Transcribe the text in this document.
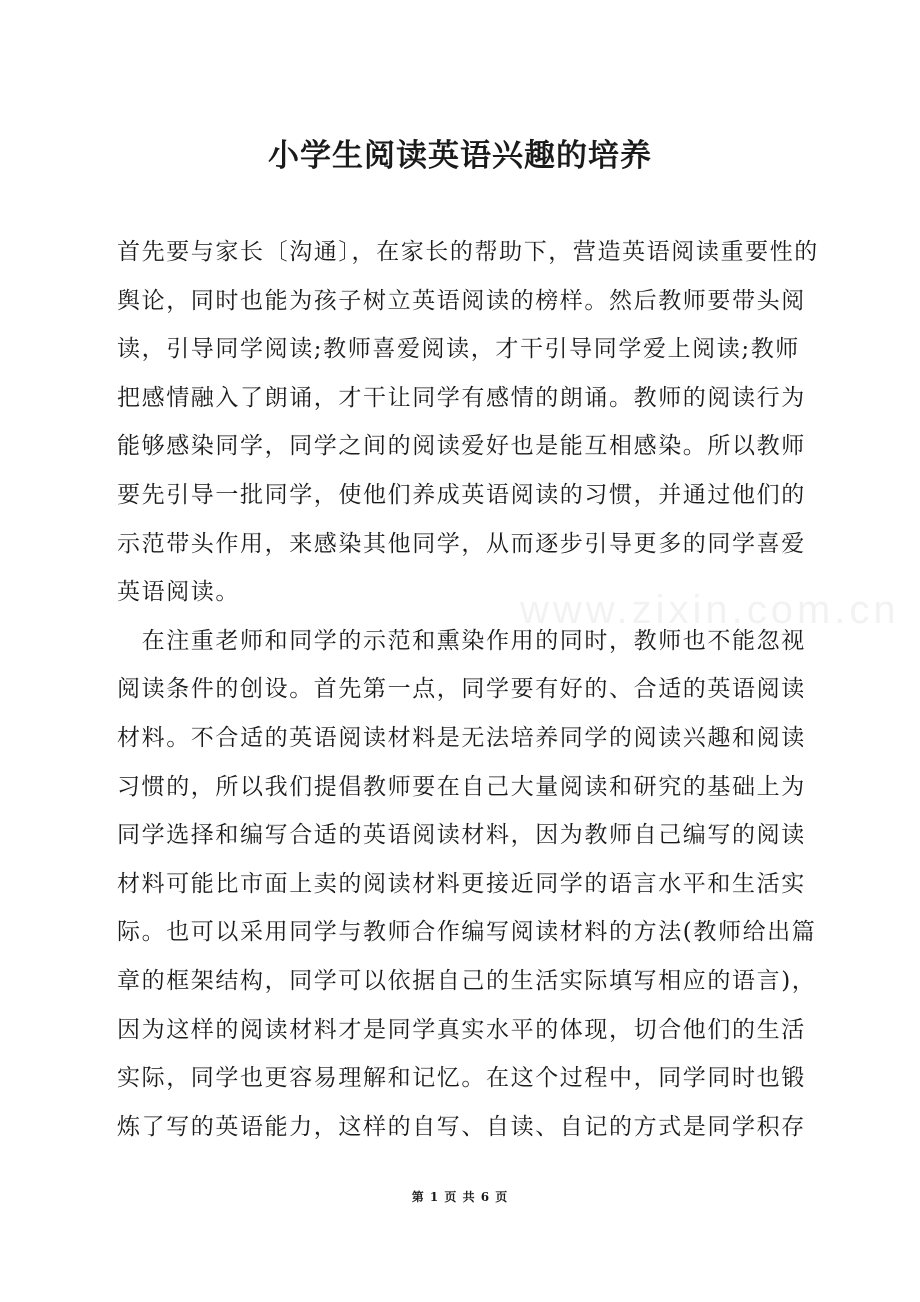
小学生阅读英语兴趣的培养
www.zixin.com.cn
首先要与家长〔沟通〕，在家长的帮助下，营造英语阅读重要性的
舆论，同时也能为孩子树立英语阅读的榜样。然后教师要带头阅
读，引导同学阅读;教师喜爱阅读，才干引导同学爱上阅读;教师
把感情融入了朗诵，才干让同学有感情的朗诵。教师的阅读行为
能够感染同学，同学之间的阅读爱好也是能互相感染。所以教师
要先引导一批同学，使他们养成英语阅读的习惯，并通过他们的
示范带头作用，来感染其他同学，从而逐步引导更多的同学喜爱
英语阅读。
　在注重老师和同学的示范和熏染作用的同时，教师也不能忽视
阅读条件的创设。首先第一点，同学要有好的、合适的英语阅读
材料。不合适的英语阅读材料是无法培养同学的阅读兴趣和阅读
习惯的，所以我们提倡教师要在自己大量阅读和研究的基础上为
同学选择和编写合适的英语阅读材料，因为教师自己编写的阅读
材料可能比市面上卖的阅读材料更接近同学的语言水平和生活实
际。也可以采用同学与教师合作编写阅读材料的方法(教师给出篇
章的框架结构，同学可以依据自己的生活实际填写相应的语言)，
因为这样的阅读材料才是同学真实水平的体现，切合他们的生活
实际，同学也更容易理解和记忆。在这个过程中，同学同时也锻
炼了写的英语能力，这样的自写、自读、自记的方式是同学积存
第 1 页 共 6 页
